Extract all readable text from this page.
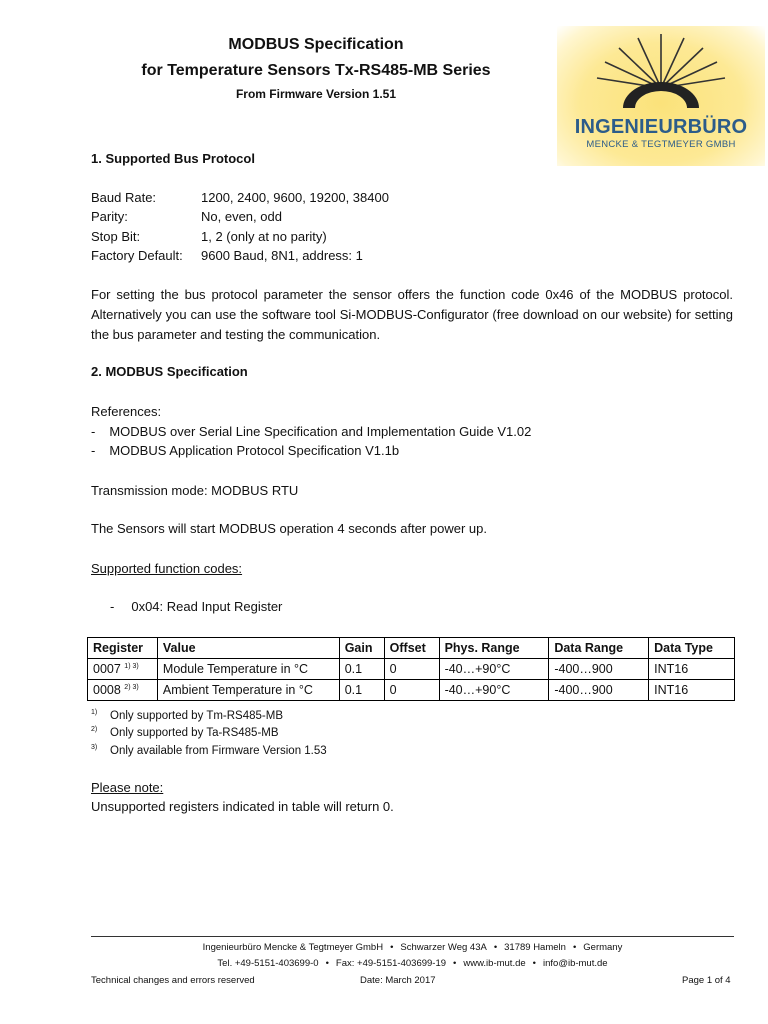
MODBUS Specification
for Temperature Sensors Tx-RS485-MB Series
From Firmware Version 1.51
INGENIEURBÜRO
MENCKE & TEGTMEYER GMBH
1. Supported Bus Protocol
Baud Rate:	1200, 2400, 9600, 19200, 38400
Parity:	No, even, odd
Stop Bit:	1, 2 (only at no parity)
Factory Default: 9600 Baud, 8N1, address: 1
For setting the bus protocol parameter the sensor offers the function code 0x46 of the MODBUS protocol. Alternatively you can use the software tool Si-MODBUS-Configurator (free download on our website) for setting the bus parameter and testing the communication.
2. MODBUS Specification
References:
- MODBUS over Serial Line Specification and Implementation Guide V1.02
- MODBUS Application Protocol Specification V1.1b
Transmission mode: MODBUS RTU
The Sensors will start MODBUS operation 4 seconds after power up.
Supported function codes:
- 0x04: Read Input Register
Register	Value	Gain	Offset	Phys. Range	Data Range	Data Type
0007 $^{1) 3)}$	Module Temperature in °C	0.1	0	-40…+90°C	-400…900	INT16
0008 $^{2) 3)}$	Ambient Temperature in °C	0.1	0	-40…+90°C	-400…900	INT16
$^{1)}$ Only supported by Tm-RS485-MB
$^{2)}$ Only supported by Ta-RS485-MB
$^{3)}$ Only available from Firmware Version 1.53
Please note:
Unsupported registers indicated in table will return 0.
Ingenieurbüro Mencke & Tegtmeyer GmbH • Schwarzer Weg 43A • 31789 Hameln • Germany
Tel. +49-5151-403699-0 • Fax: +49-5151-403699-19 • www.ib-mut.de • info@ib-mut.de
Technical changes and errors reserved	Date: March 2017	Page 1 of 4
